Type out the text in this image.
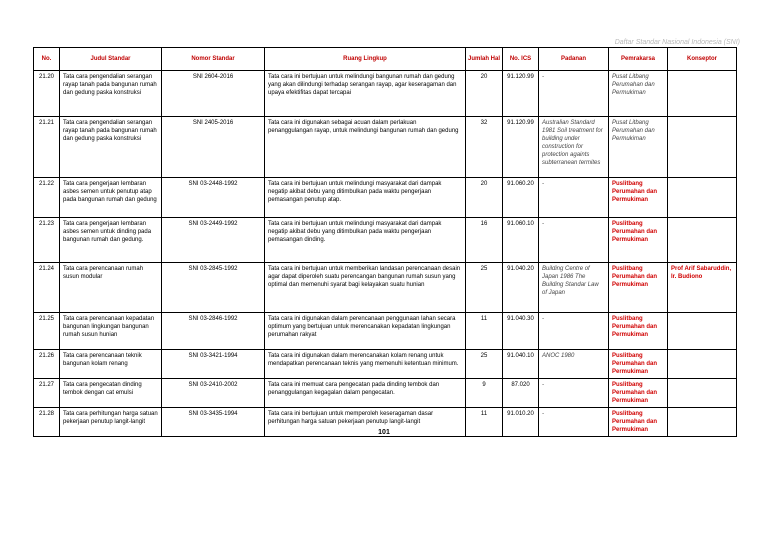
Daftar Standar Nasional Indonesia (SNI)
No.	Judul Standar	Nomor Standar	Ruang Lingkup	Jumlah Hal	No. ICS	Padanan	Pemrakarsa	Konseptor
21.20	Tata cara pengendalian serangan rayap tanah pada bangunan rumah dan gedung paska konstruksi	SNI 2604-2016	Tata cara ini bertujuan untuk melindungi bangunan rumah dan gedung yang akan dilindungi terhadap serangan rayap, agar keseragaman dan upaya efektifitas dapat tercapai	20	91.120.99	-	Pusat Litbang Perumahan dan Permukiman	
21.21	Tata cara pengendalian serangan rayap tanah pada bangunan rumah dan gedung paska konstruksi	SNI 2405-2016	Tata cara ini digunakan sebagai acuan dalam perlakuan penanggulangan rayap, untuk melindungi bangunan rumah dan gedung	32	91.120.99	Australian Standard 1981 Soil treatment for building under construction for protection againts subterranean termites	Pusat Litbang Perumahan dan Permukiman	
21.22	Tata cara pengerjaan lembaran asbes semen untuk penutup atap pada bangunan rumah dan gedung	SNI 03-2448-1992	Tata cara ini bertujuan untuk melindungi masyarakat dari dampak negatip akibat debu yang ditimbulkan pada waktu pengerjaan pemasangan penutup atap.	20	91.060.20	-	Puslitbang Perumahan dan Permukiman	
21.23	Tata cara pengerjaan lembaran asbes semen untuk dinding pada bangunan rumah dan gedung.	SNI 03-2449-1992	Tata cara ini bertujuan untuk melindungi masyarakat dari dampak negatip akibat debu yang ditimbulkan pada waktu pengerjaan pemasangan dinding.	16	91.060.10	-	Puslitbang Perumahan dan Permukiman	
21.24	Tata cara perencanaan rumah susun modular	SNI 03-2845-1992	Tata cara ini bertujuan untuk memberikan landasan perencanaan desain agar dapat diperoleh suatu perencangan bangunan rumah susun yang optimal dan memenuhi syarat bagi kelayakan suatu hunian	25	91.040.20	Building Centre of Japan 1986 The Building Standar Law of Japan	Puslitbang Perumahan dan Permukiman	Prof Arif Sabaruddin, Ir. Budiono
21.25	Tata cara perencanaan kepadatan bangunan lingkungan bangunan rumah susun hunian	SNI 03-2846-1992	Tata cara ini digunakan dalam perencanaan penggunaan lahan secara optimum yang bertujuan untuk merencanakan kepadatan lingkungan perumahan rakyat	11	91.040.30	-	Puslitbang Perumahan dan Permukiman	
21.26	Tata cara perencanaan teknik bangunan kolam renang	SNI 03-3421-1994	Tata cara ini digunakan dalam merencanakan kolam renang untuk mendapatkan perencanaan teknis yang memenuhi ketentuan minimum.	25	91.040.10	ANOC 1980	Puslitbang Perumahan dan Permukiman	
21.27	Tata cara pengecatan dinding tembok dengan cat emulsi	SNI 03-2410-2002	Tata cara ini memuat cara pengecatan pada dinding tembok dan penanggulangan kegagalan dalam pengecatan.	9	87.020	-	Puslitbang Perumahan dan Permukiman	
21.28	Tata cara perhitungan harga satuan pekerjaan penutup langit-langit	SNI 03-3435-1994	Tata cara ini bertujuan untuk memperoleh keseragaman dasar perhitungan harga satuan pekerjaan penutup langit-langit	11	91.010.20	-	Puslitbang Perumahan dan Permukiman	
101
